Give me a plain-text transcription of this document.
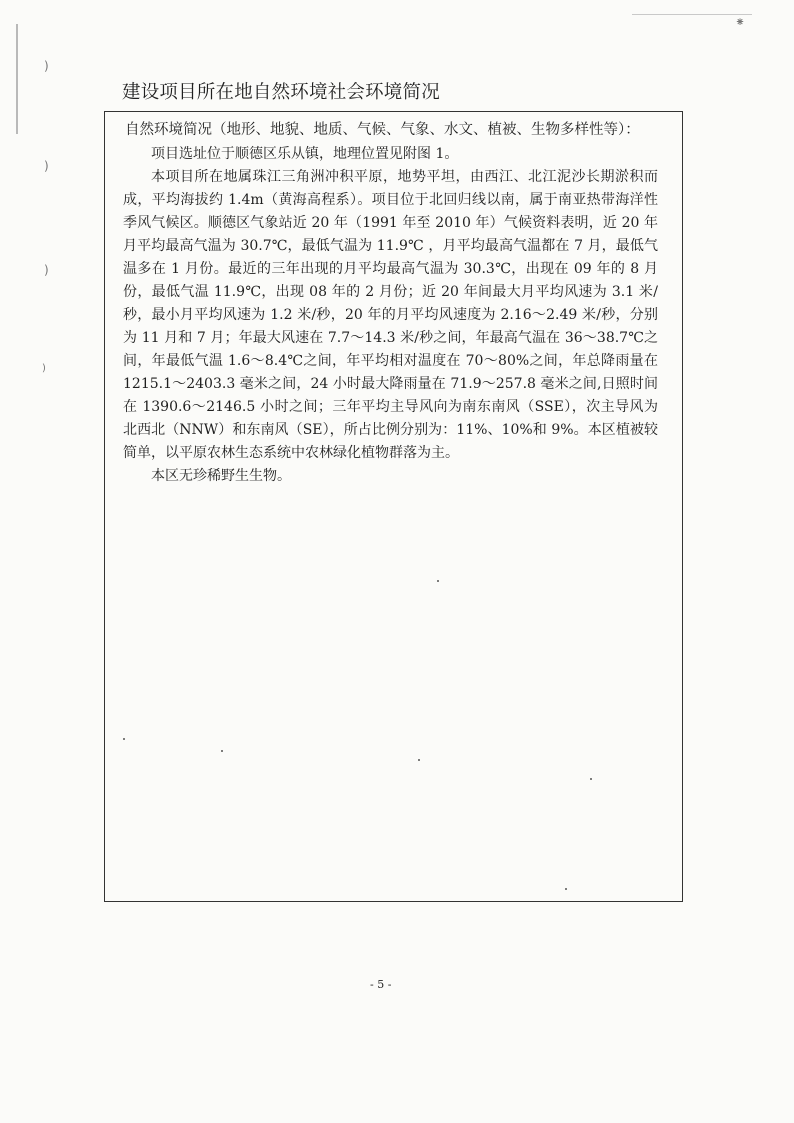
)
)
)
)
⁕
建设项目所在地自然环境社会环境简况
自然环境简况（地形、地貌、地质、气候、气象、水文、植被、生物多样性等）：

项目选址位于顺德区乐从镇，地理位置见附图 1。

本项目所在地属珠江三角洲冲积平原，地势平坦，由西江、北江泥沙长期淤积而成，平均海拔约 1.4m（黄海高程系）。项目位于北回归线以南，属于南亚热带海洋性季风气候区。顺德区气象站近 20 年（1991 年至 2010 年）气候资料表明，近 20 年月平均最高气温为 30.7℃，最低气温为 11.9℃ ，月平均最高气温都在 7 月，最低气温多在 1 月份。最近的三年出现的月平均最高气温为 30.3℃，出现在 09 年的 8 月份，最低气温 11.9℃，出现 08 年的 2 月份；近 20 年间最大月平均风速为 3.1 米/秒，最小月平均风速为 1.2 米/秒，20 年的月平均风速度为 2.16～2.49 米/秒，分别为 11 月和 7 月；年最大风速在 7.7～14.3 米/秒之间，年最高气温在 36～38.7℃之间，年最低气温 1.6～8.4℃之间，年平均相对温度在 70～80%之间，年总降雨量在 1215.1～2403.3 毫米之间，24 小时最大降雨量在 71.9～257.8 毫米之间,日照时间在 1390.6～2146.5 小时之间；三年平均主导风向为南东南风（SSE），次主导风为北西北（NNW）和东南风（SE），所占比例分别为：11%、10%和 9%。本区植被较简单，以平原农林生态系统中农林绿化植物群落为主。

本区无珍稀野生生物。

- 5 -
